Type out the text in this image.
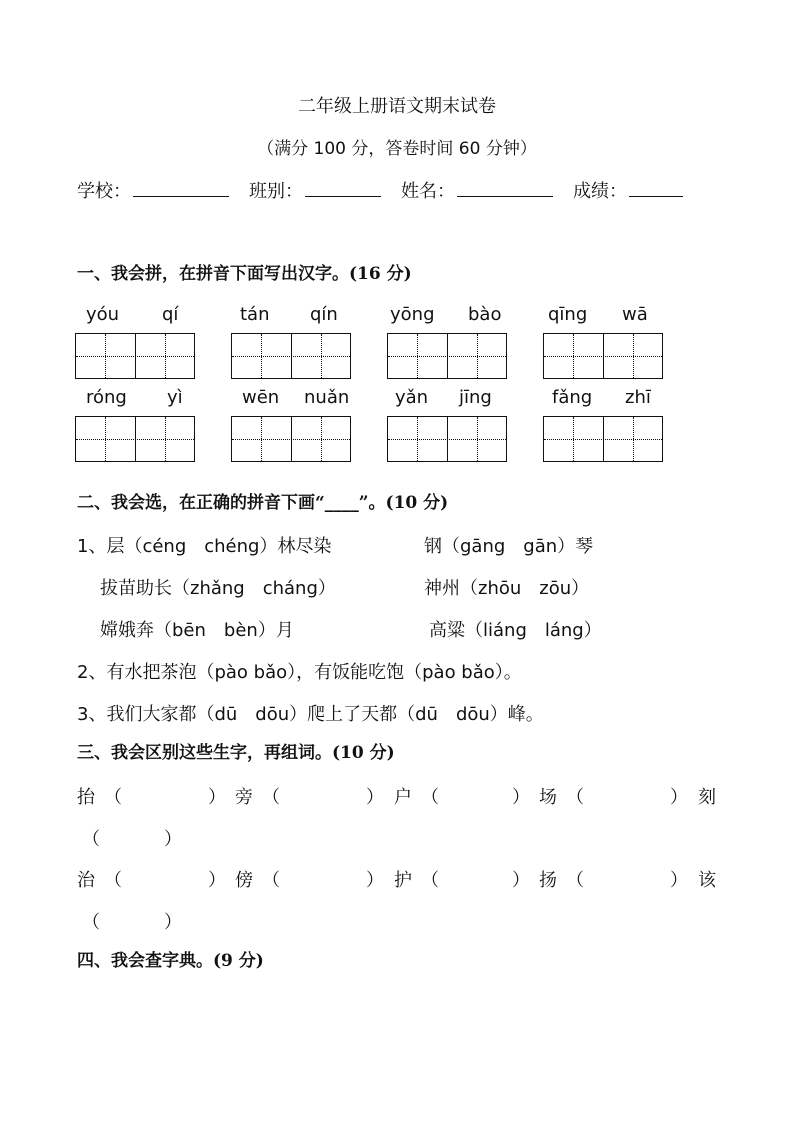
二年级上册语文期末试卷
（满分 100 分，答卷时间 60 分钟）
学校：	班别：	姓名：	成绩：
一、我会拼，在拼音下面写出汉字。(16 分)
yóu qí	tán qín	yōng bào	qīng wā
róng yì	wēn nuǎn	yǎn jīng	fǎng zhī
二、我会选，在正确的拼音下画“____”。(10 分)
1、层（céng　chéng）林尽染	钢（gāng　gān）琴
拔苗助长（zhǎng　cháng）	神州（zhōu　zōu）
嫦娥奔（bēn　bèn）月	高粱（liáng　láng）
2、有水把茶泡（pào bǎo），有饭能吃饱（pào bǎo）。
3、我们大家都（dū　dōu）爬上了天都（dū　dōu）峰。
三、我会区别这些生字，再组词。(10 分)
抬 （	） 旁 （	） 户 （	） 场 （	） 刻
（	）
治 （	） 傍 （	） 护 （	） 扬 （	） 该
（	）
四、我会查字典。(9 分)
